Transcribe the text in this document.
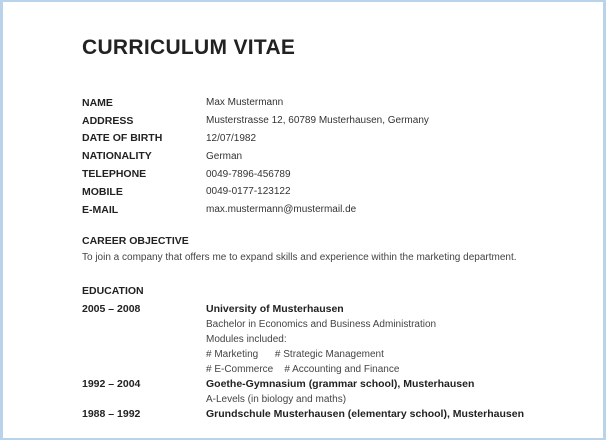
CURRICULUM VITAE
NAME	Max Mustermann
ADDRESS	Musterstrasse 12, 60789 Musterhausen, Germany
DATE OF BIRTH	12/07/1982
NATIONALITY	German
TELEPHONE	0049-7896-456789
MOBILE	0049-0177-123122
E-MAIL	max.mustermann@mustermail.de
CAREER OBJECTIVE
To join a company that offers me to expand skills and experience within the marketing department.
EDUCATION
2005 – 2008	University of Musterhausen
Bachelor in Economics and Business Administration
Modules included:
# Marketing      # Strategic Management
# E-Commerce    # Accounting and Finance
1992 – 2004	Goethe-Gymnasium (grammar school), Musterhausen
A-Levels (in biology and maths)
1988 – 1992	Grundschule Musterhausen (elementary school), Musterhausen
